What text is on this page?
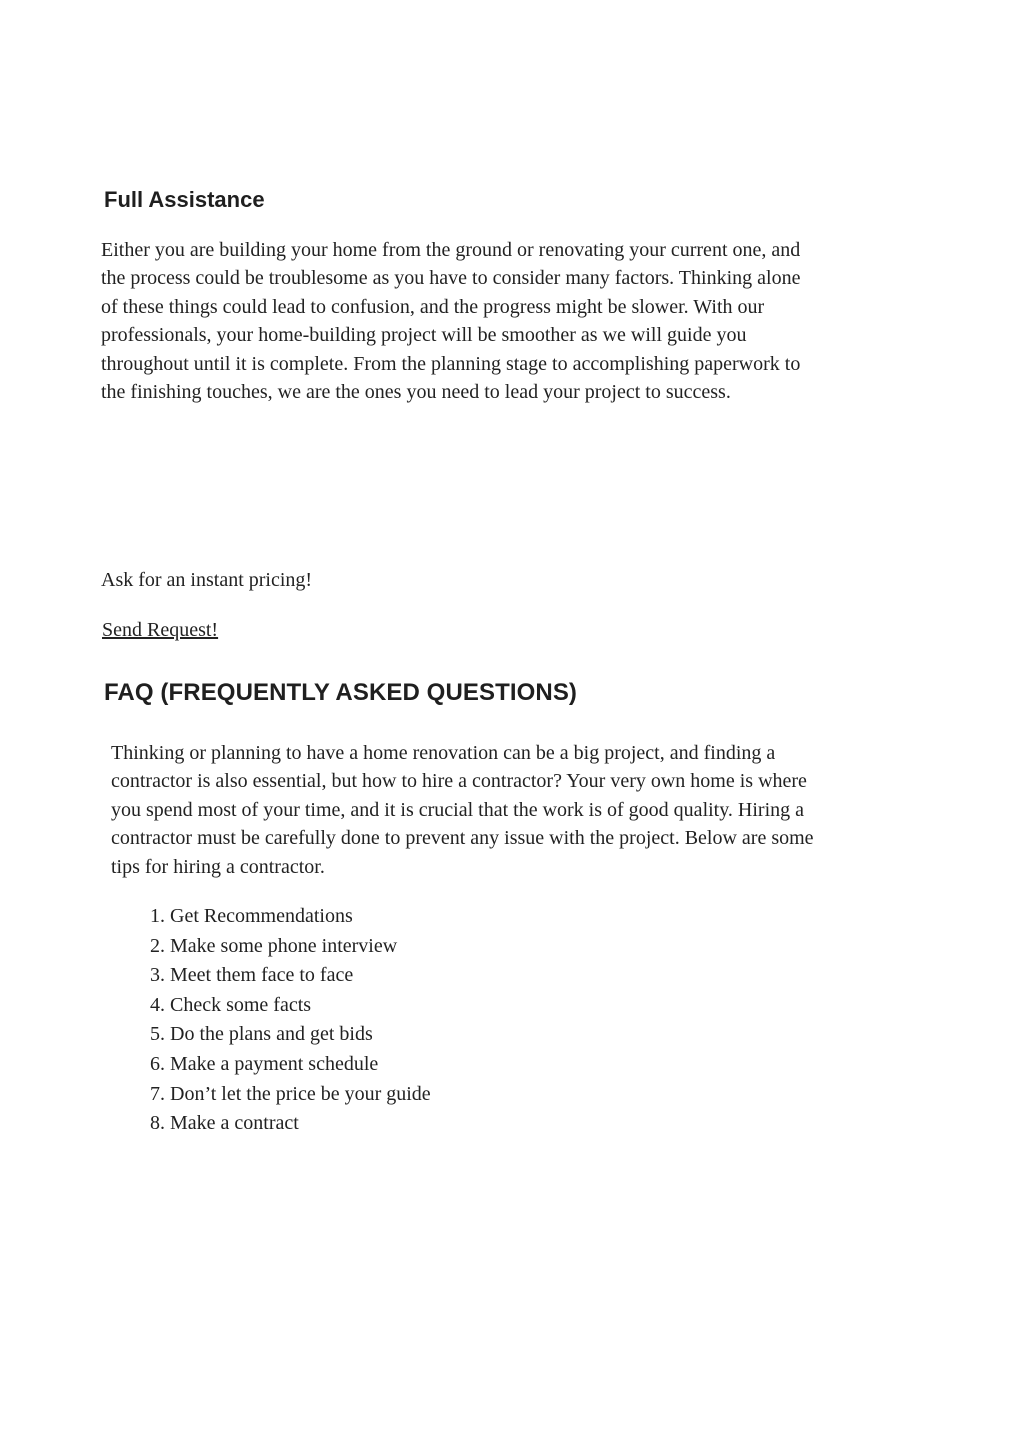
Full Assistance

Either you are building your home from the ground or renovating your current one, and
the process could be troublesome as you have to consider many factors. Thinking alone
of these things could lead to confusion, and the progress might be slower. With our
professionals, your home-building project will be smoother as we will guide you
throughout until it is complete. From the planning stage to accomplishing paperwork to
the finishing touches, we are the ones you need to lead your project to success.

Ask for an instant pricing!

Send Request!
FAQ (FREQUENTLY ASKED QUESTIONS)

Thinking or planning to have a home renovation can be a big project, and finding a
contractor is also essential, but how to hire a contractor? Your very own home is where
you spend most of your time, and it is crucial that the work is of good quality. Hiring a
contractor must be carefully done to prevent any issue with the project. Below are some
tips for hiring a contractor.

1.
Get Recommendations
2.
Make some phone interview
3.
Meet them face to face
4.
Check some facts
5.
Do the plans and get bids
6.
Make a payment schedule
7.
Don’t let the price be your guide
8.
Make a contract
